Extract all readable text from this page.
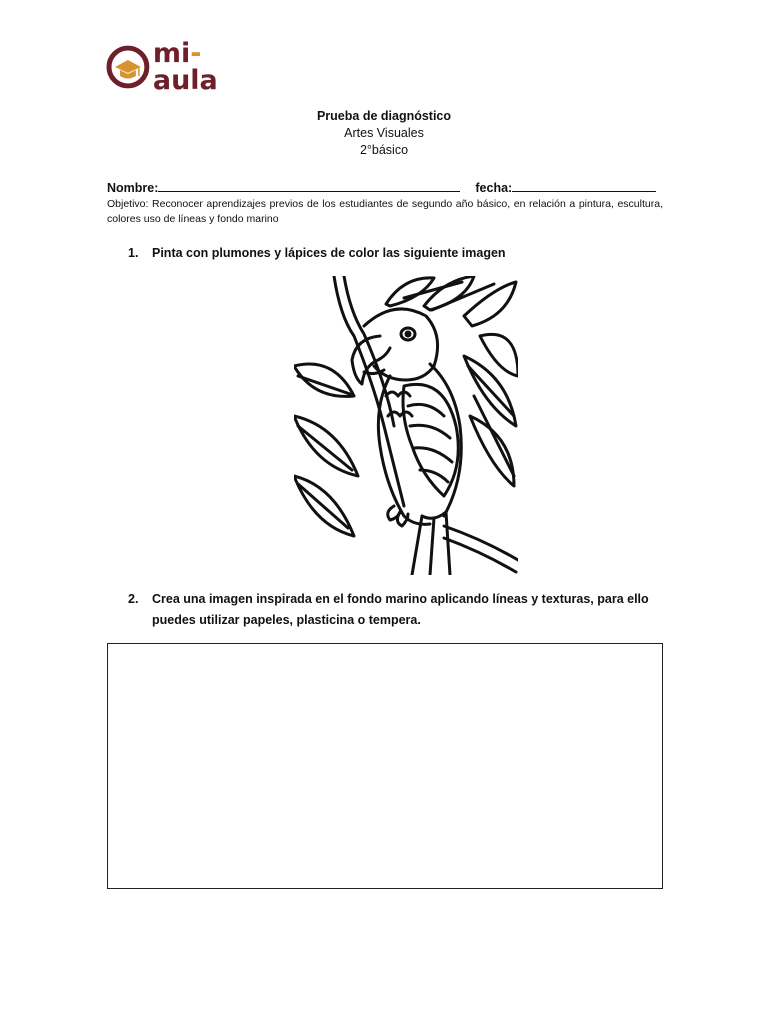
mi-aula
Prueba de diagnóstico
Artes Visuales
2°básico
Nombre:	fecha:
Objetivo: Reconocer aprendizajes previos de los estudiantes de segundo año básico, en relación a pintura, escultura, colores uso de líneas y fondo marino
1. Pinta con plumones y lápices de color las siguiente imagen
2. Crea una imagen inspirada en el fondo marino aplicando líneas y texturas, para ello
puedes utilizar papeles, plasticina o tempera.
